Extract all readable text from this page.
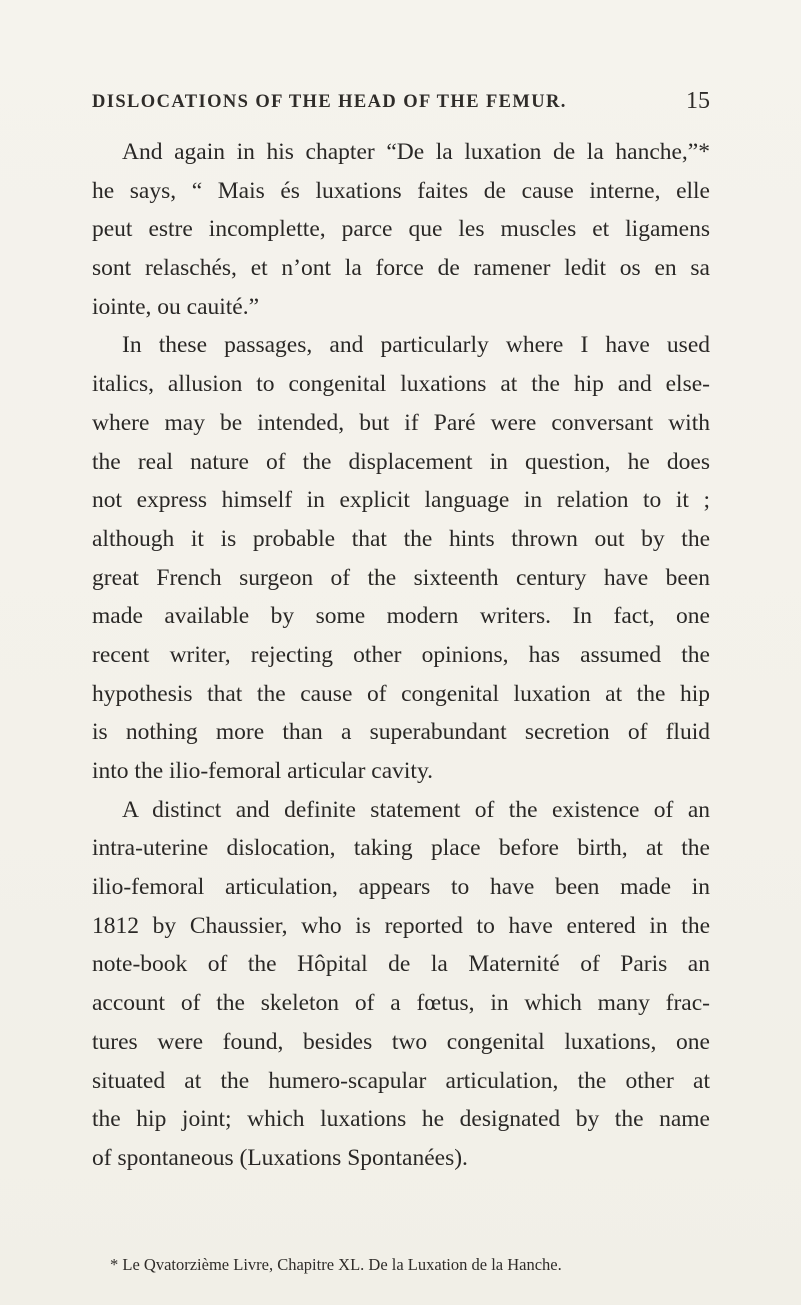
DISLOCATIONS OF THE HEAD OF THE FEMUR.	15
And again in his chapter “De la luxation de la hanche,”*
he says, “ Mais és luxations faites de cause interne, elle
peut estre incomplette, parce que les muscles et ligamens
sont relaschés, et n’ont la force de ramener ledit os en sa
iointe, ou cauité.”
In these passages, and particularly where I have used
italics, allusion to congenital luxations at the hip and else-
where may be intended, but if Paré were conversant with
the real nature of the displacement in question, he does
not express himself in explicit language in relation to it ;
although it is probable that the hints thrown out by the
great French surgeon of the sixteenth century have been
made available by some modern writers. In fact, one
recent writer, rejecting other opinions, has assumed the
hypothesis that the cause of congenital luxation at the hip
is nothing more than a superabundant secretion of fluid
into the ilio-femoral articular cavity.
A distinct and definite statement of the existence of an
intra-uterine dislocation, taking place before birth, at the
ilio-femoral articulation, appears to have been made in
1812 by Chaussier, who is reported to have entered in the
note-book of the Hôpital de la Maternité of Paris an
account of the skeleton of a fœtus, in which many frac-
tures were found, besides two congenital luxations, one
situated at the humero-scapular articulation, the other at
the hip joint; which luxations he designated by the name
of spontaneous (Luxations Spontanées).
* Le Qvatorzième Livre, Chapitre XL. De la Luxation de la Hanche.
